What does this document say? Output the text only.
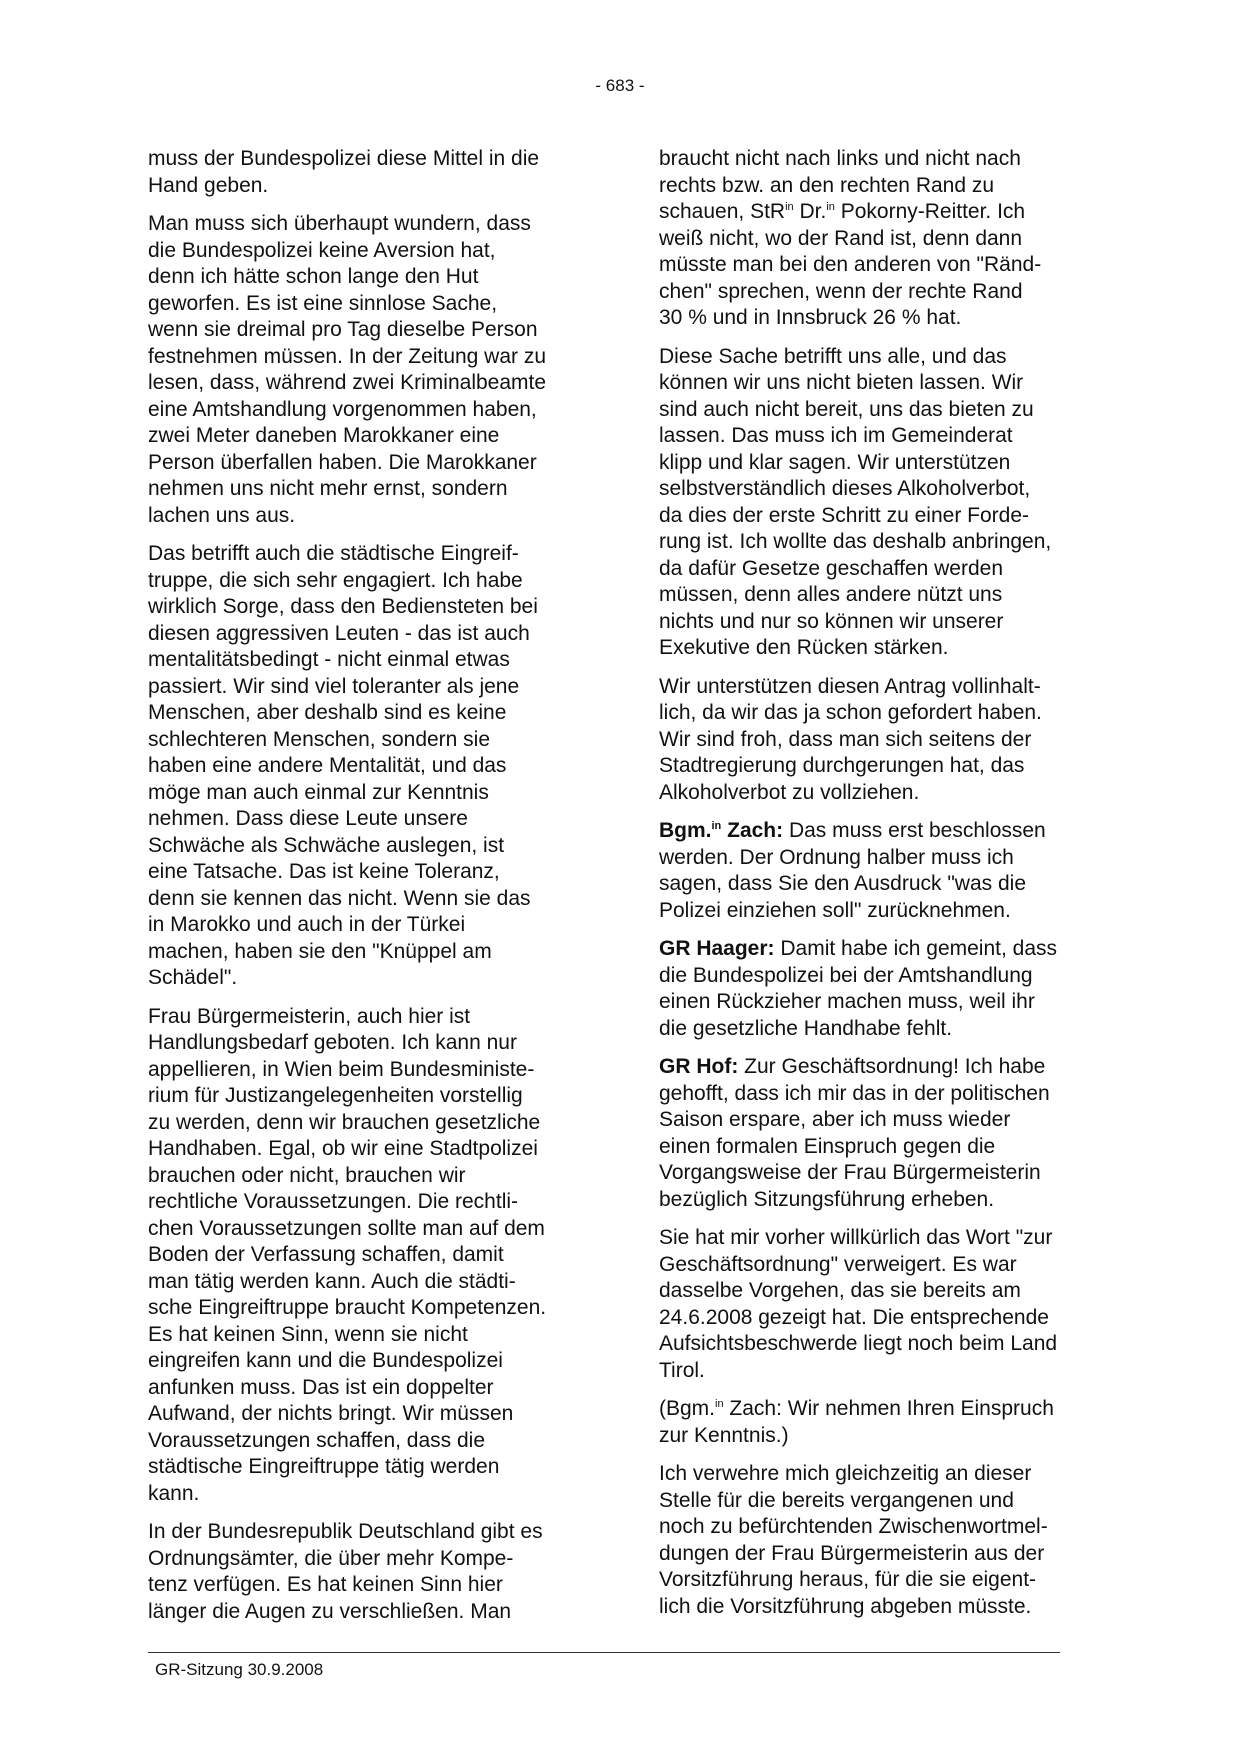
- 683 -

muss der Bundespolizei diese Mittel in die
Hand geben.

Man muss sich überhaupt wundern, dass
die Bundespolizei keine Aversion hat,
denn ich hätte schon lange den Hut
geworfen. Es ist eine sinnlose Sache,
wenn sie dreimal pro Tag dieselbe Person
festnehmen müssen. In der Zeitung war zu
lesen, dass, während zwei Kriminalbeamte
eine Amtshandlung vorgenommen haben,
zwei Meter daneben Marokkaner eine
Person überfallen haben. Die Marokkaner
nehmen uns nicht mehr ernst, sondern
lachen uns aus.

Das betrifft auch die städtische Eingreif-
truppe, die sich sehr engagiert. Ich habe
wirklich Sorge, dass den Bediensteten bei
diesen aggressiven Leuten - das ist auch
mentalitätsbedingt - nicht einmal etwas
passiert. Wir sind viel toleranter als jene
Menschen, aber deshalb sind es keine
schlechteren Menschen, sondern sie
haben eine andere Mentalität, und das
möge man auch einmal zur Kenntnis
nehmen. Dass diese Leute unsere
Schwäche als Schwäche auslegen, ist
eine Tatsache. Das ist keine Toleranz,
denn sie kennen das nicht. Wenn sie das
in Marokko und auch in der Türkei
machen, haben sie den "Knüppel am
Schädel".

Frau Bürgermeisterin, auch hier ist
Handlungsbedarf geboten. Ich kann nur
appellieren, in Wien beim Bundesministe-
rium für Justizangelegenheiten vorstellig
zu werden, denn wir brauchen gesetzliche
Handhaben. Egal, ob wir eine Stadtpolizei
brauchen oder nicht, brauchen wir
rechtliche Voraussetzungen. Die rechtli-
chen Voraussetzungen sollte man auf dem
Boden der Verfassung schaffen, damit
man tätig werden kann. Auch die städti-
sche Eingreiftruppe braucht Kompetenzen.
Es hat keinen Sinn, wenn sie nicht
eingreifen kann und die Bundespolizei
anfunken muss. Das ist ein doppelter
Aufwand, der nichts bringt. Wir müssen
Voraussetzungen schaffen, dass die
städtische Eingreiftruppe tätig werden
kann.

In der Bundesrepublik Deutschland gibt es
Ordnungsämter, die über mehr Kompe-
tenz verfügen. Es hat keinen Sinn hier
länger die Augen zu verschließen. Man

braucht nicht nach links und nicht nach
rechts bzw. an den rechten Rand zu
schauen, StR$^{in}$ Dr.$^{in}$ Pokorny-Reitter. Ich
weiß nicht, wo der Rand ist, denn dann
müsste man bei den anderen von "Ränd-
chen" sprechen, wenn der rechte Rand
30 % und in Innsbruck 26 % hat.

Diese Sache betrifft uns alle, und das
können wir uns nicht bieten lassen. Wir
sind auch nicht bereit, uns das bieten zu
lassen. Das muss ich im Gemeinderat
klipp und klar sagen. Wir unterstützen
selbstverständlich dieses Alkoholverbot,
da dies der erste Schritt zu einer Forde-
rung ist. Ich wollte das deshalb anbringen,
da dafür Gesetze geschaffen werden
müssen, denn alles andere nützt uns
nichts und nur so können wir unserer
Exekutive den Rücken stärken.

Wir unterstützen diesen Antrag vollinhalt-
lich, da wir das ja schon gefordert haben.
Wir sind froh, dass man sich seitens der
Stadtregierung durchgerungen hat, das
Alkoholverbot zu vollziehen.

Bgm.$^{in}$ Zach: Das muss erst beschlossen
werden. Der Ordnung halber muss ich
sagen, dass Sie den Ausdruck "was die
Polizei einziehen soll" zurücknehmen.

GR Haager: Damit habe ich gemeint, dass
die Bundespolizei bei der Amtshandlung
einen Rückzieher machen muss, weil ihr
die gesetzliche Handhabe fehlt.

GR Hof: Zur Geschäftsordnung! Ich habe
gehofft, dass ich mir das in der politischen
Saison erspare, aber ich muss wieder
einen formalen Einspruch gegen die
Vorgangsweise der Frau Bürgermeisterin
bezüglich Sitzungsführung erheben.

Sie hat mir vorher willkürlich das Wort "zur
Geschäftsordnung" verweigert. Es war
dasselbe Vorgehen, das sie bereits am
24.6.2008 gezeigt hat. Die entsprechende
Aufsichtsbeschwerde liegt noch beim Land
Tirol.

(Bgm.$^{in}$ Zach: Wir nehmen Ihren Einspruch
zur Kenntnis.)

Ich verwehre mich gleichzeitig an dieser
Stelle für die bereits vergangenen und
noch zu befürchtenden Zwischenwortmel-
dungen der Frau Bürgermeisterin aus der
Vorsitzführung heraus, für die sie eigent-
lich die Vorsitzführung abgeben müsste.

GR-Sitzung 30.9.2008
